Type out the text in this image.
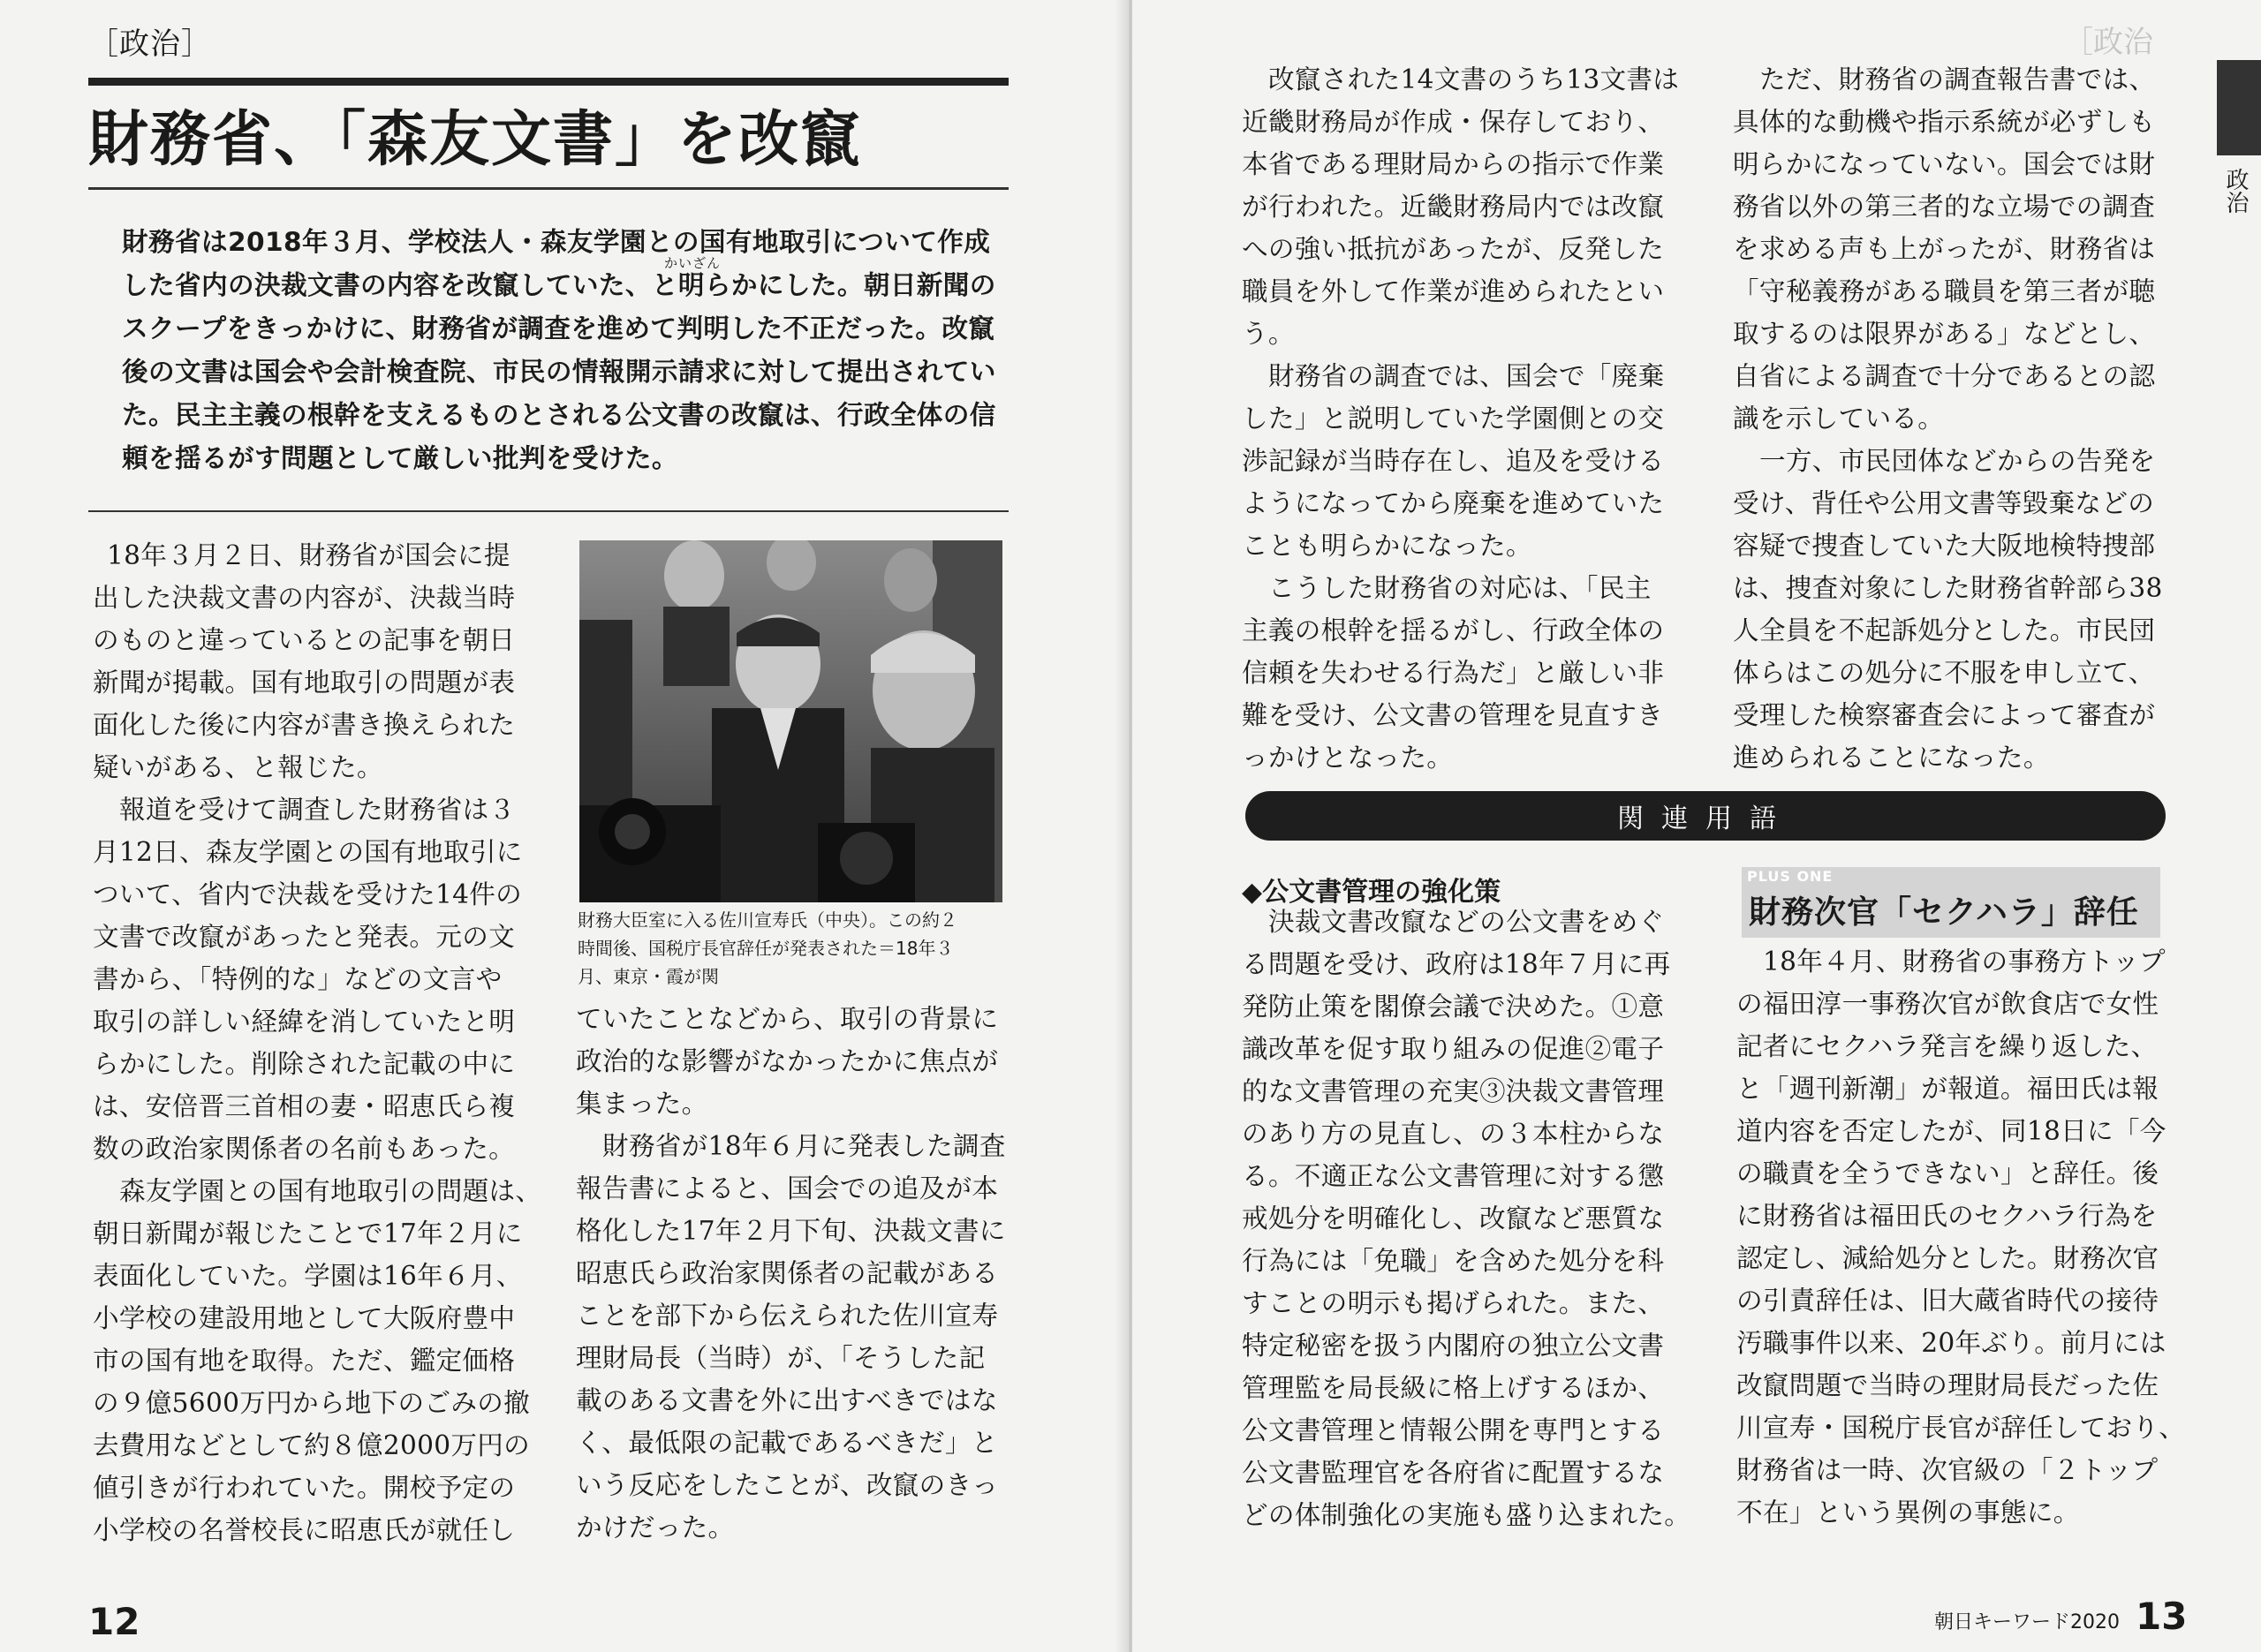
［政治］
財務省、「森友文書」を改竄
かいざん

財務省は2018年３月、学校法人・森友学園との国有地取引について作成

した省内の決裁文書の内容を改竄していた、と明らかにした。朝日新聞の

スクープをきっかけに、財務省が調査を進めて判明した不正だった。改竄

後の文書は国会や会計検査院、市民の情報開示請求に対して提出されてい

た。民主主義の根幹を支えるものとされる公文書の改竄は、行政全体の信

頼を揺るがす問題として厳しい批判を受けた。

18年３月２日、財務省が国会に提

出した決裁文書の内容が、決裁当時

のものと違っているとの記事を朝日

新聞が掲載。国有地取引の問題が表

面化した後に内容が書き換えられた

疑いがある、と報じた。

報道を受けて調査した財務省は３

月12日、森友学園との国有地取引に

ついて、省内で決裁を受けた14件の

文書で改竄があったと発表。元の文

書から、「特例的な」などの文言や

取引の詳しい経緯を消していたと明

らかにした。削除された記載の中に

は、安倍晋三首相の妻・昭恵氏ら複

数の政治家関係者の名前もあった。

森友学園との国有地取引の問題は、

朝日新聞が報じたことで17年２月に

表面化していた。学園は16年６月、

小学校の建設用地として大阪府豊中

市の国有地を取得。ただ、鑑定価格

の９億5600万円から地下のごみの撤

去費用などとして約８億2000万円の

値引きが行われていた。開校予定の

小学校の名誉校長に昭恵氏が就任し

財務大臣室に入る佐川宣寿氏（中央）。この約２

時間後、国税庁長官辞任が発表された＝18年３

月、東京・霞が関

ていたことなどから、取引の背景に

政治的な影響がなかったかに焦点が

集まった。

財務省が18年６月に発表した調査

報告書によると、国会での追及が本

格化した17年２月下旬、決裁文書に

昭恵氏ら政治家関係者の記載がある

ことを部下から伝えられた佐川宣寿

理財局長（当時）が、「そうした記

載のある文書を外に出すべきではな

く、最低限の記載であるべきだ」と

いう反応をしたことが、改竄のきっ

かけだった。

12
［政治
政治

改竄された14文書のうち13文書は

近畿財務局が作成・保存しており、

本省である理財局からの指示で作業

が行われた。近畿財務局内では改竄

への強い抵抗があったが、反発した

職員を外して作業が進められたとい

う。

財務省の調査では、国会で「廃棄

した」と説明していた学園側との交

渉記録が当時存在し、追及を受ける

ようになってから廃棄を進めていた

ことも明らかになった。

こうした財務省の対応は、「民主

主義の根幹を揺るがし、行政全体の

信頼を失わせる行為だ」と厳しい非

難を受け、公文書の管理を見直すき

っかけとなった。

ただ、財務省の調査報告書では、

具体的な動機や指示系統が必ずしも

明らかになっていない。国会では財

務省以外の第三者的な立場での調査

を求める声も上がったが、財務省は

「守秘義務がある職員を第三者が聴

取するのは限界がある」などとし、

自省による調査で十分であるとの認

識を示している。

一方、市民団体などからの告発を

受け、背任や公用文書等毀棄などの

容疑で捜査していた大阪地検特捜部

は、捜査対象にした財務省幹部ら38

人全員を不起訴処分とした。市民団

体らはこの処分に不服を申し立て、

受理した検察審査会によって審査が

進められることになった。

関連用語
◆公文書管理の強化策

決裁文書改竄などの公文書をめぐ

る問題を受け、政府は18年７月に再

発防止策を閣僚会議で決めた。①意

識改革を促す取り組みの促進②電子

的な文書管理の充実③決裁文書管理

のあり方の見直し、の３本柱からな

る。不適正な公文書管理に対する懲

戒処分を明確化し、改竄など悪質な

行為には「免職」を含めた処分を科

すことの明示も掲げられた。また、

特定秘密を扱う内閣府の独立公文書

管理監を局長級に格上げするほか、

公文書管理と情報公開を専門とする

公文書監理官を各府省に配置するな

どの体制強化の実施も盛り込まれた。

PLUS ONE
財務次官「セクハラ」辞任

18年４月、財務省の事務方トップ

の福田淳一事務次官が飲食店で女性

記者にセクハラ発言を繰り返した、

と「週刊新潮」が報道。福田氏は報

道内容を否定したが、同18日に「今

の職責を全うできない」と辞任。後

に財務省は福田氏のセクハラ行為を

認定し、減給処分とした。財務次官

の引責辞任は、旧大蔵省時代の接待

汚職事件以来、20年ぶり。前月には

改竄問題で当時の理財局長だった佐

川宣寿・国税庁長官が辞任しており、

財務省は一時、次官級の「２トップ

不在」という異例の事態に。

朝日キーワード2020 13
